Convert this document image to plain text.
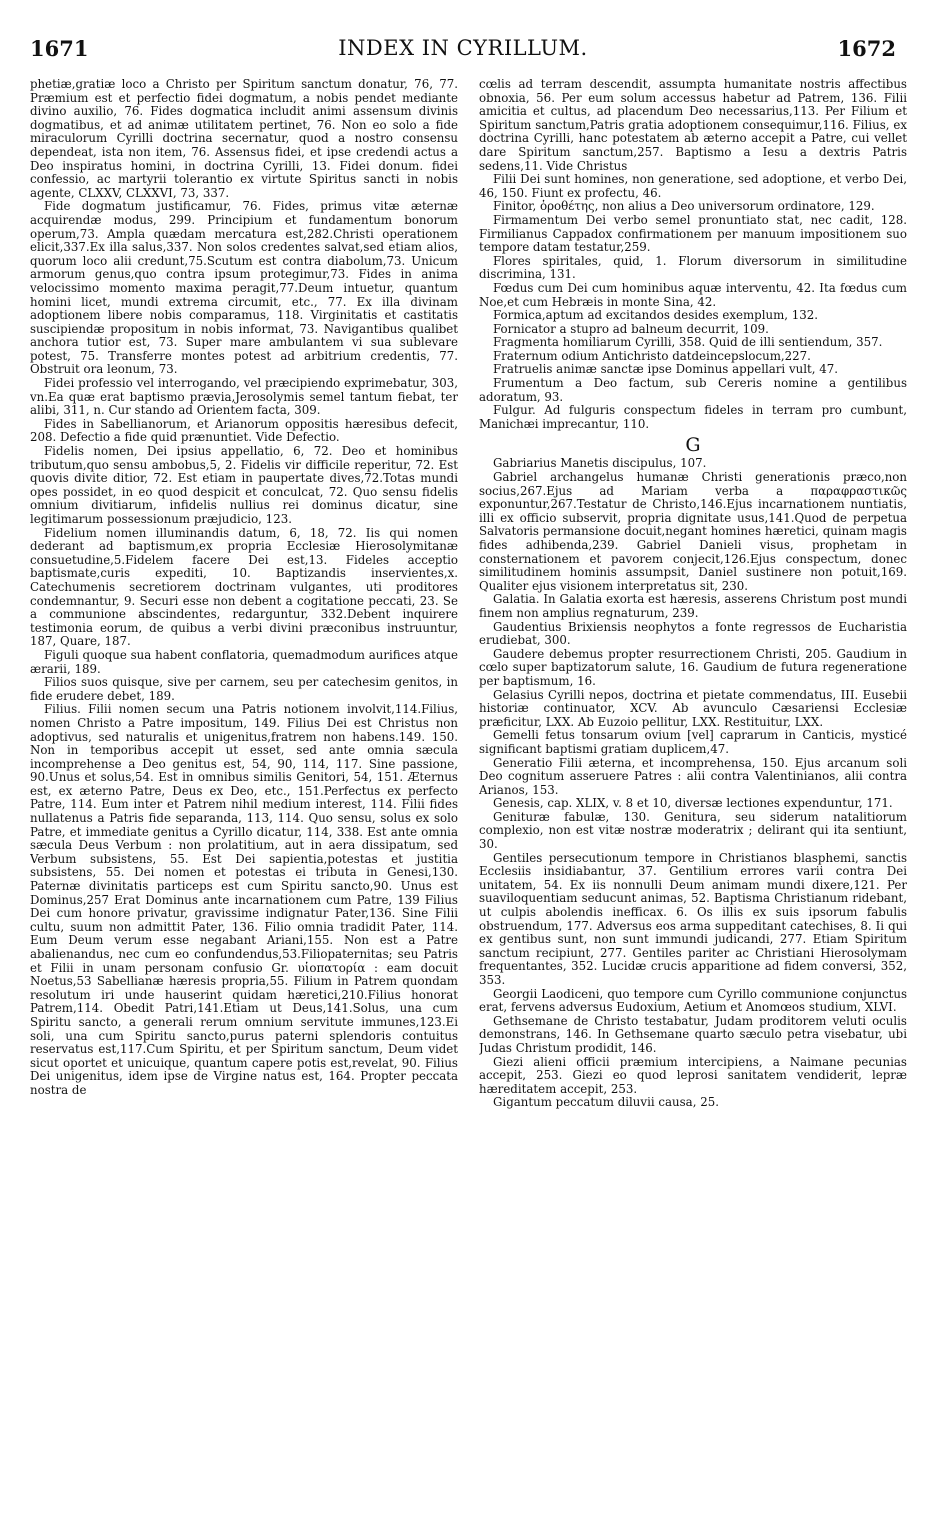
1671	INDEX IN CYRILLUM.	1672

phetiæ,gratiæ loco a Christo per Spiritum sanctum donatur, 76, 77. Præmium est et perfectio fidei dogmatum, a nobis pendet mediante divino auxilio, 76. Fides dogmatica includit animi assensum divinis dogmatibus, et ad animæ utilitatem pertinet, 76. Non eo solo a fide miraculorum Cyrilli doctrina secernatur, quod a nostro consensu dependeat, ista non item, 76. Assensus fidei, et ipse credendi actus a Deo inspiratus homini, in doctrina Cyrilli, 13. Fidei donum. fidei confessio, ac martyrii tolerantio ex virtute Spiritus sancti in nobis agente, CLXXV, CLXXVI, 73, 337.

Fide dogmatum justificamur, 76. Fides, primus vitæ æternæ acquirendæ modus, 299. Principium et fundamentum bonorum operum,73. Ampla quædam mercatura est,282.Christi operationem elicit,337.Ex illa salus,337. Non solos credentes salvat,sed etiam alios, quorum loco alii credunt,75.Scutum est contra diabolum,73. Unicum armorum genus,quo contra ipsum protegimur,73. Fides in anima velocissimo momento maxima peragit,77.Deum intuetur, quantum homini licet, mundi extrema circumit, etc., 77. Ex illa divinam adoptionem libere nobis comparamus, 118. Virginitatis et castitatis suscipiendæ propositum in nobis informat, 73. Navigantibus qualibet anchora tutior est, 73. Super mare ambulantem vi sua sublevare potest, 75. Transferre montes potest ad arbitrium credentis, 77. Obstruit ora leonum, 73.

Fidei professio vel interrogando, vel præcipiendo exprimebatur, 303, vn.Ea quæ erat baptismo prævia,Jerosolymis semel tantum fiebat, ter alibi, 311, n. Cur stando ad Orientem facta, 309.

Fides in Sabellianorum, et Arianorum oppositis hæresibus defecit, 208. Defectio a fide quid prænuntiet. Vide Defectio.

Fidelis nomen, Dei ipsius appellatio, 6, 72. Deo et hominibus tributum,quo sensu ambobus,5, 2. Fidelis vir difficile reperitur, 72. Est quovis divite ditior, 72. Est etiam in paupertate dives,72.Totas mundi opes possidet, in eo quod despicit et conculcat, 72. Quo sensu fidelis omnium divitiarum, infidelis nullius rei dominus dicatur, sine legitimarum possessionum præjudicio, 123.

Fidelium nomen illuminandis datum, 6, 18, 72. Iis qui nomen dederant ad baptismum,ex propria Ecclesiæ Hierosolymitanæ consuetudine,5.Fidelem facere Dei est,13. Fideles acceptio baptismate,curis expediti, 10. Baptizandis inservientes,x. Catechumenis secretiorem doctrinam vulgantes, uti proditores condemnantur, 9. Securi esse non debent a cogitatione peccati, 23. Se a communione abscindentes, redarguntur, 332.Debent inquirere testimonia eorum, de quibus a verbi divini præconibus instruuntur, 187, Quare, 187.

Figuli quoque sua habent conflatoria, quemadmodum aurifices atque ærarii, 189.

Filios suos quisque, sive per carnem, seu per catechesim genitos, in fide erudere debet, 189.

Filius. Filii nomen secum una Patris notionem involvit,114.Filius, nomen Christo a Patre impositum, 149. Filius Dei est Christus non adoptivus, sed naturalis et unigenitus,fratrem non habens.149. 150. Non in temporibus accepit ut esset, sed ante omnia sæcula incomprehense a Deo genitus est, 54, 90, 114, 117. Sine passione, 90.Unus et solus,54. Est in omnibus similis Genitori, 54, 151. Æternus est, ex æterno Patre, Deus ex Deo, etc., 151.Perfectus ex perfecto Patre, 114. Eum inter et Patrem nihil medium interest, 114. Filii fides nullatenus a Patris fide separanda, 113, 114. Quo sensu, solus ex solo Patre, et immediate genitus a Cyrillo dicatur, 114, 338. Est ante omnia sæcula Deus Verbum : non prolatitium, aut in aera dissipatum, sed Verbum subsistens, 55. Est Dei sapientia,potestas et justitia subsistens, 55. Dei nomen et potestas ei tributa in Genesi,130. Paternæ divinitatis particeps est cum Spiritu sancto,90. Unus est Dominus,257 Erat Dominus ante incarnationem cum Patre, 139 Filius Dei cum honore privatur, gravissime indignatur Pater,136. Sine Filii cultu, suum non admittit Pater, 136. Filio omnia tradidit Pater, 114. Eum Deum verum esse negabant Ariani,155. Non est a Patre abalienandus, nec cum eo confundendus,53.Filiopaternitas; seu Patris et Filii in unam personam confusio Gr. υἱοπατορία : eam docuit Noetus,53 Sabellianæ hæresis propria,55. Filium in Patrem quondam resolutum iri unde hauserint quidam hæretici,210.Filius honorat Patrem,114. Obedit Patri,141.Etiam ut Deus,141.Solus, una cum Spiritu sancto, a generali rerum omnium servitute immunes,123.Ei soli, una cum Spiritu sancto,purus paterni splendoris contuitus reservatus est,117.Cum Spiritu, et per Spiritum sanctum, Deum videt sicut oportet et unicuique, quantum capere potis est,revelat, 90. Filius Dei unigenitus, idem ipse de Virgine natus est, 164. Propter peccata nostra de

cœlis ad terram descendit, assumpta humanitate nostris affectibus obnoxia, 56. Per eum solum accessus habetur ad Patrem, 136. Filii amicitia et cultus, ad placendum Deo necessarius,113. Per Filium et Spiritum sanctum,Patris gratia adoptionem consequimur,116. Filius, ex doctrina Cyrilli, hanc potestatem ab æterno accepit a Patre, cui vellet dare Spiritum sanctum,257. Baptismo a Iesu a dextris Patris sedens,11. Vide Christus

Filii Dei sunt homines, non generatione, sed adoptione, et verbo Dei, 46, 150. Fiunt ex profectu, 46.

Finitor, ὁροθέτης, non alius a Deo universorum ordinatore, 129.

Firmamentum Dei verbo semel pronuntiato stat, nec cadit, 128. Firmilianus Cappadox confirmationem per manuum impositionem suo tempore datam testatur,259.

Flores spiritales, quid, 1. Florum diversorum in similitudine discrimina, 131.

Fœdus cum Dei cum hominibus aquæ interventu, 42. Ita fœdus cum Noe,et cum Hebræis in monte Sina, 42.

Formica,aptum ad excitandos desides exemplum, 132.

Fornicator a stupro ad balneum decurrit, 109.

Fragmenta homiliarum Cyrilli, 358. Quid de illi sentiendum, 357.

Fraternum odium Antichristo datdeincepslocum,227.

Fratruelis animæ sanctæ ipse Dominus appellari vult, 47.

Frumentum a Deo factum, sub Cereris nomine a gentilibus adoratum, 93.

Fulgur. Ad fulguris conspectum fideles in terram pro cumbunt, Manichæi imprecantur, 110.

G

Gabriarius Manetis discipulus, 107.

Gabriel archangelus humanæ Christi generationis præco,non socius,267.Ejus ad Mariam verba a παραφραστικῶς exponuntur,267.Testatur de Christo,146.Ejus incarnationem nuntiatis, illi ex officio subservit, propria dignitate usus,141.Quod de perpetua Salvatoris permansione docuit,negant homines hæretici, quinam magis fides adhibenda,239. Gabriel Danieli visus, prophetam in consternationem et pavorem conjecit,126.Ejus conspectum, donec similitudinem hominis assumpsit, Daniel sustinere non potuit,169. Qualiter ejus visionem interpretatus sit, 230.

Galatia. In Galatia exorta est hæresis, asserens Christum post mundi finem non amplius regnaturum, 239.

Gaudentius Brixiensis neophytos a fonte regressos de Eucharistia erudiebat, 300.

Gaudere debemus propter resurrectionem Christi, 205. Gaudium in cœlo super baptizatorum salute, 16. Gaudium de futura regeneratione per baptismum, 16.

Gelasius Cyrilli nepos, doctrina et pietate commendatus, III. Eusebii historiæ continuator, XCV. Ab avunculo Cæsariensi Ecclesiæ præficitur, LXX. Ab Euzoio pellitur, LXX. Restituitur, LXX.

Gemelli fetus tonsarum ovium [vel] caprarum in Canticis, mysticé significant baptismi gratiam duplicem,47.

Generatio Filii æterna, et incomprehensa, 150. Ejus arcanum soli Deo cognitum asseruere Patres : alii contra Valentinianos, alii contra Arianos, 153.

Genesis, cap. XLIX, v. 8 et 10, diversæ lectiones expenduntur, 171.

Genituræ fabulæ, 130. Genitura, seu siderum natalitiorum complexio, non est vitæ nostræ moderatrix ; delirant qui ita sentiunt, 30.

Gentiles persecutionum tempore in Christianos blasphemi, sanctis Ecclesiis insidiabantur, 37. Gentilium errores varii contra Dei unitatem, 54. Ex iis nonnulli Deum animam mundi dixere,121. Per suaviloquentiam seducunt animas, 52. Baptisma Christianum ridebant, ut culpis abolendis inefficax. 6. Os illis ex suis ipsorum fabulis obstruendum, 177. Adversus eos arma suppeditant catechises, 8. Ii qui ex gentibus sunt, non sunt immundi judicandi, 277. Etiam Spiritum sanctum recipiunt, 277. Gentiles pariter ac Christiani Hierosolymam frequentantes, 352. Lucidæ crucis apparitione ad fidem conversi, 352, 353.

Georgii Laodiceni, quo tempore cum Cyrillo communione conjunctus erat, fervens adversus Eudoxium, Aetium et Anomœos studium, XLVI.

Gethsemane de Christo testabatur, Judam proditorem veluti oculis demonstrans, 146. In Gethsemane quarto sæculo petra visebatur, ubi Judas Christum prodidit, 146.

Giezi alieni officii præmium intercipiens, a Naimane pecunias accepit, 253. Giezi eo quod leprosi sanitatem vendiderit, lepræ hæreditatem accepit, 253.

Gigantum peccatum diluvii causa, 25.
